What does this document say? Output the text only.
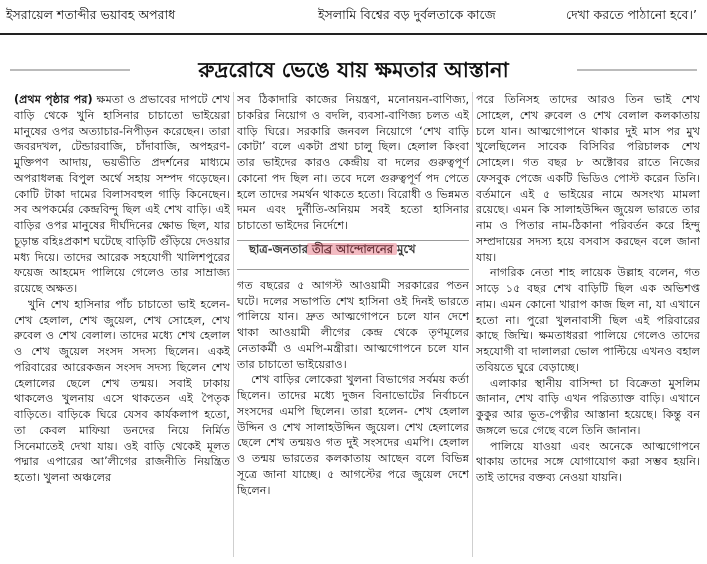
ইসরায়েল শতাব্দীর ভয়াবহ অপরাধ	ইসলামি বিশ্বের বড় দুর্বলতাকে কাজে	দেখা করতে পাঠানো হবে।’
রুদ্ররোষে ভেঙে যায় ক্ষমতার আস্তানা

(প্রথম পৃষ্ঠার পর) ক্ষমতা ও প্রভাবের দাপটে শেখ বাড়ি থেকে খুনি হাসিনার চাচাতো ভাইয়েরা মানুষের ওপর অত্যাচার-নিপীড়ন করেছেন। তারা জবরদখল, টেন্ডারবাজি, চাঁদাবাজি, অপহরণ-মুক্তিপণ আদায়, ভয়ভীতি প্রদর্শনের মাধ্যমে অপরাধলব্ধ বিপুল অর্থে সহায় সম্পদ গড়েছেন। কোটি টাকা দামের বিলাসবহুল গাড়ি কিনেছেন। সব অপকর্মের কেন্দ্রবিন্দু ছিল এই শেখ বাড়ি। এই বাড়ির ওপর মানুষের দীর্ঘদিনের ক্ষোভ ছিল, যার চূড়ান্ত বহিঃপ্রকাশ ঘটেছে বাড়িটি গুঁড়িয়ে দেওয়ার মধ্য দিয়ে। তাদের আরেক সহযোগী খালিশপুরের ফয়েজ আহমেদ পালিয়ে গেলেও তার সাম্রাজ্য রয়েছে অক্ষত।

খুনি শেখ হাসিনার পাঁচ চাচাতো ভাই হলেন- শেখ হেলাল, শেখ জুয়েল, শেখ সোহেল, শেখ রুবেল ও শেখ বেলাল। তাদের মধ্যে শেখ হেলাল ও শেখ জুয়েল সংসদ সদস্য ছিলেন। একই পরিবারের আরেকজন সংসদ সদস্য ছিলেন শেখ হেলালের ছেলে শেখ তন্ময়। সবাই ঢাকায় থাকলেও খুলনায় এসে থাকতেন এই পৈতৃক বাড়িতে। বাড়িকে ঘিরে যেসব কার্যকলাপ হতো, তা কেবল মাফিয়া ডনদের নিয়ে নির্মিত সিনেমাতেই দেখা যায়। ওই বাড়ি থেকেই মূলত পদ্মার এপারের আ’লীগের রাজনীতি নিয়ন্ত্রিত হতো। খুলনা অঞ্চলের

সব ঠিকাদারি কাজের নিয়ন্ত্রণ, মনোনয়ন-বাণিজ্য, চাকরির নিয়োগ ও বদলি, ব্যবসা-বাণিজ্য চলত এই বাড়ি ঘিরে। সরকারি জনবল নিয়োগে ‘শেখ বাড়ি কোটা’ বলে একটা প্রথা চালু ছিল। হেলাল কিংবা তার ভাইদের কারও কেন্দ্রীয় বা দলের গুরুত্বপূর্ণ কোনো পদ ছিল না। তবে দলে গুরুত্বপূর্ণ পদ পেতে হলে তাদের সমর্থন থাকতে হতো। বিরোধী ও ভিন্নমত দমন এবং দুর্নীতি-অনিয়ম সবই হতো হাসিনার চাচাতো ভাইদের নির্দেশে।

ছাত্র-জনতার তীব্র আন্দোলনের মুখে

গত বছরের ৫ আগস্ট আওয়ামী সরকারের পতন ঘটে। দলের সভাপতি শেখ হাসিনা ওই দিনই ভারতে পালিয়ে যান। দ্রুত আত্মগোপনে চলে যান দেশে থাকা আওয়ামী লীগের কেন্দ্র থেকে তৃণমূলের নেতাকর্মী ও এমপি-মন্ত্রীরা। আত্মগোপনে চলে যান তার চাচাতো ভাইয়েরাও।

শেখ বাড়ির লোকেরা খুলনা বিভাগের সর্বময় কর্তা ছিলেন। তাদের মধ্যে দুজন বিনাভোটের নির্বাচনে সংসদের এমপি ছিলেন। তারা হলেন- শেখ হেলাল উদ্দিন ও শেখ সালাহউদ্দিন জুয়েল। শেখ হেলালের ছেলে শেখ তন্ময়ও গত দুই সংসদের এমপি। হেলাল ও তন্ময় ভারতের কলকাতায় আছেন বলে বিভিন্ন সূত্রে জানা যাচ্ছে। ৫ আগস্টের পরে জুয়েল দেশে ছিলেন।

পরে তিনিসহ তাদের আরও তিন ভাই শেখ সোহেল, শেখ রুবেল ও শেখ বেলাল কলকাতায় চলে যান। আত্মগোপনে থাকার দুই মাস পর মুখ খুলেছিলেন সাবেক বিসিবির পরিচালক শেখ সোহেল। গত বছর ৮ অক্টোবর রাতে নিজের ফেসবুক পেজে একটি ভিডিও পোস্ট করেন তিনি। বর্তমানে এই ৫ ভাইয়ের নামে অসংখ্য মামলা রয়েছে। এমন কি সালাহউদ্দিন জুয়েল ভারতে তার নাম ও পিতার নাম-ঠিকানা পরিবর্তন করে হিন্দু সম্প্রদায়ের সদস্য হয়ে বসবাস করছেন বলে জানা যায়।

নাগরিক নেতা শাহ লায়েক উল্লাহ বলেন, গত সাড়ে ১৫ বছর শেখ বাড়িটি ছিল এক অভিশপ্ত নাম। এমন কোনো খারাপ কাজ ছিল না, যা এখানে হতো না। পুরো খুলনাবাসী ছিল এই পরিবারের কাছে জিম্মি। ক্ষমতাধররা পালিয়ে গেলেও তাদের সহযোগী বা দালালরা ভোল পাল্টিয়ে এখনও বহাল তবিয়তে ঘুরে বেড়াচ্ছে।

এলাকার স্থানীয় বাসিন্দা চা বিক্রেতা মুসলিম জানান, শেখ বাড়ি এখন পরিত্যাক্ত বাড়ি। এখানে কুকুর আর ভূত-পেত্নীর আস্তানা হয়েছে। কিন্তু বন জঙ্গলে ভরে গেছে বলে তিনি জানান।

পালিয়ে যাওয়া এবং অনেকে আত্মগোপনে থাকায় তাদের সঙ্গে যোগাযোগ করা সম্ভব হয়নি। তাই তাদের বক্তব্য নেওয়া যায়নি।
